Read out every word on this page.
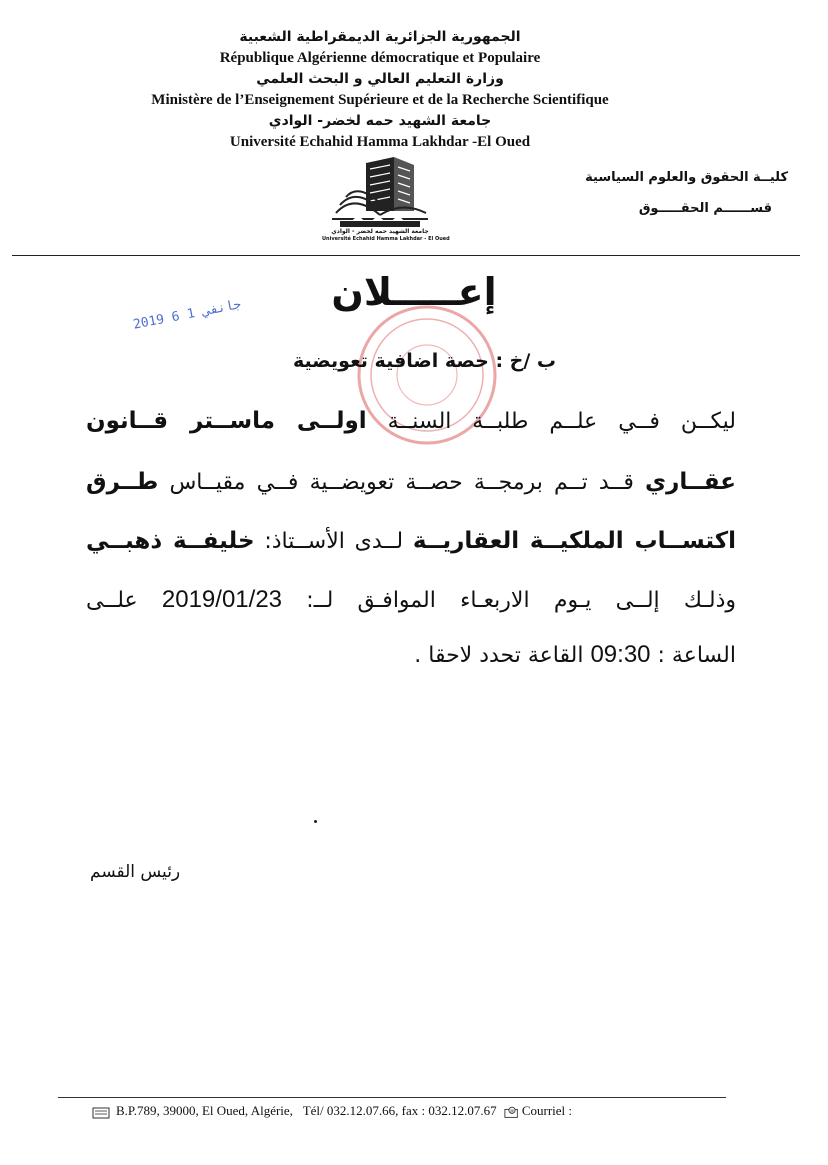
الجمهورية الجزائرية الديمقراطية الشعبية
République Algérienne démocratique et Populaire
وزارة التعليم العالي و البحث العلمي
Ministère de l’Enseignement Supérieure et de la Recherche Scientifique
جامعة الشهيد حمه لخضر- الوادي
Université Echahid Hamma Lakhdar -El Oued
كليــة الحقوق والعلوم السياسية
قســــــم الحقـــــوق
جامعة الشهيد حمه لخضر - الوادي
Université Echahid Hamma Lakhdar - El Oued
2019 جانفي 1 6	إعـــــلان
ب /خ : حصة اضافية تعويضية
ليكــن فــي علــم طلبــة السنــة اولــى ماســتر قــانون
عقــاري قــد تــم برمجــة حصــة تعويضــية فــي مقيــاس طــرق
اكتســاب الملكيــة العقاريــة لــدى الأســتاذ: خليفــة ذهبــي
وذلـك إلــى يـوم الاربعـاء الموافـق لــ: 2019/01/23 علــى
الساعة : 09:30 القاعة تحدد لاحقا .
رئيس القسم
B.P.789, 39000, El Oued, Algérie, Tél/ 032.12.07.66, fax : 032.12.07.67	@ Courriel :
